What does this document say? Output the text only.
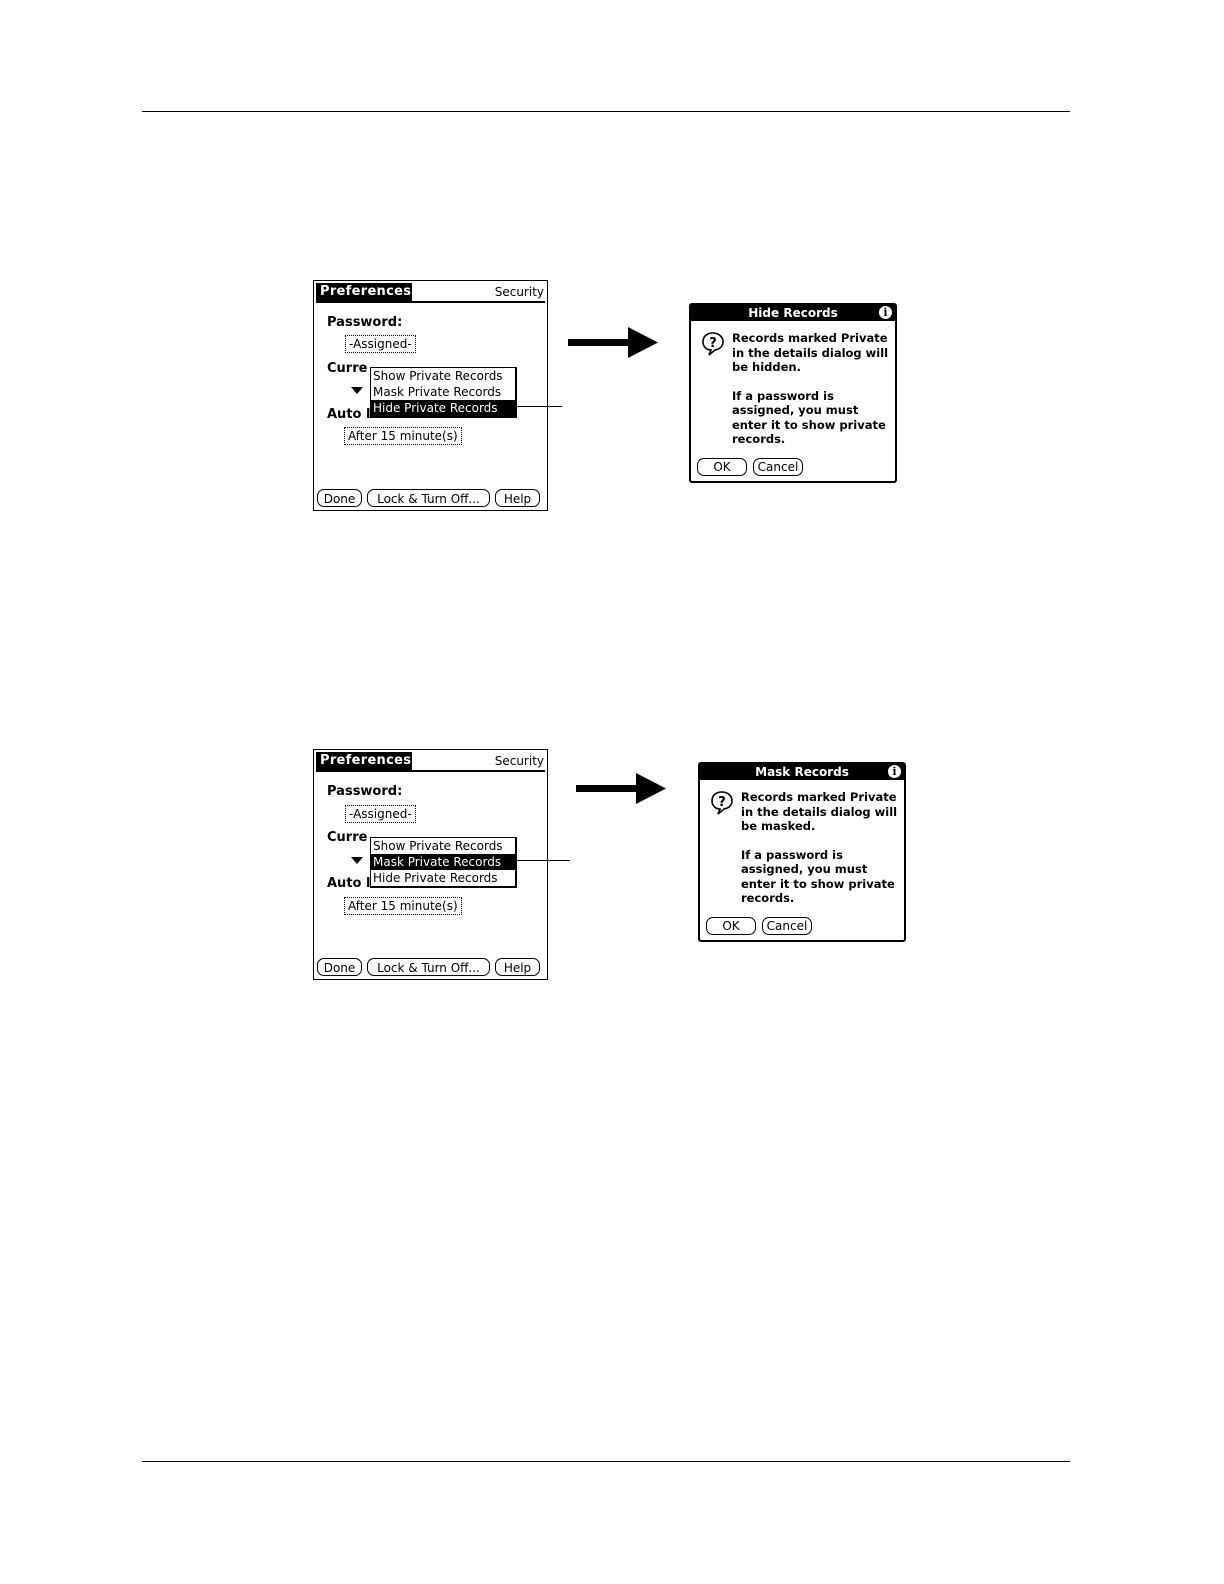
Preferences	Security
Password:
-Assigned-
Curre
Auto l
After 15 minute(s)
Show Private Records
Mask Private Records
Hide Private Records
Done	Lock & Turn Off...	Help
Hide Records	i
? Records marked Private in the details dialog will be hidden.

If a password is assigned, you must enter it to show private records.

OK	Cancel
Preferences	Security
Password:
-Assigned-
Curre
Auto l
After 15 minute(s)
Show Private Records
Mask Private Records
Hide Private Records
Done	Lock & Turn Off...	Help
Mask Records	i
? Records marked Private in the details dialog will be masked.

If a password is assigned, you must enter it to show private records.

OK	Cancel
